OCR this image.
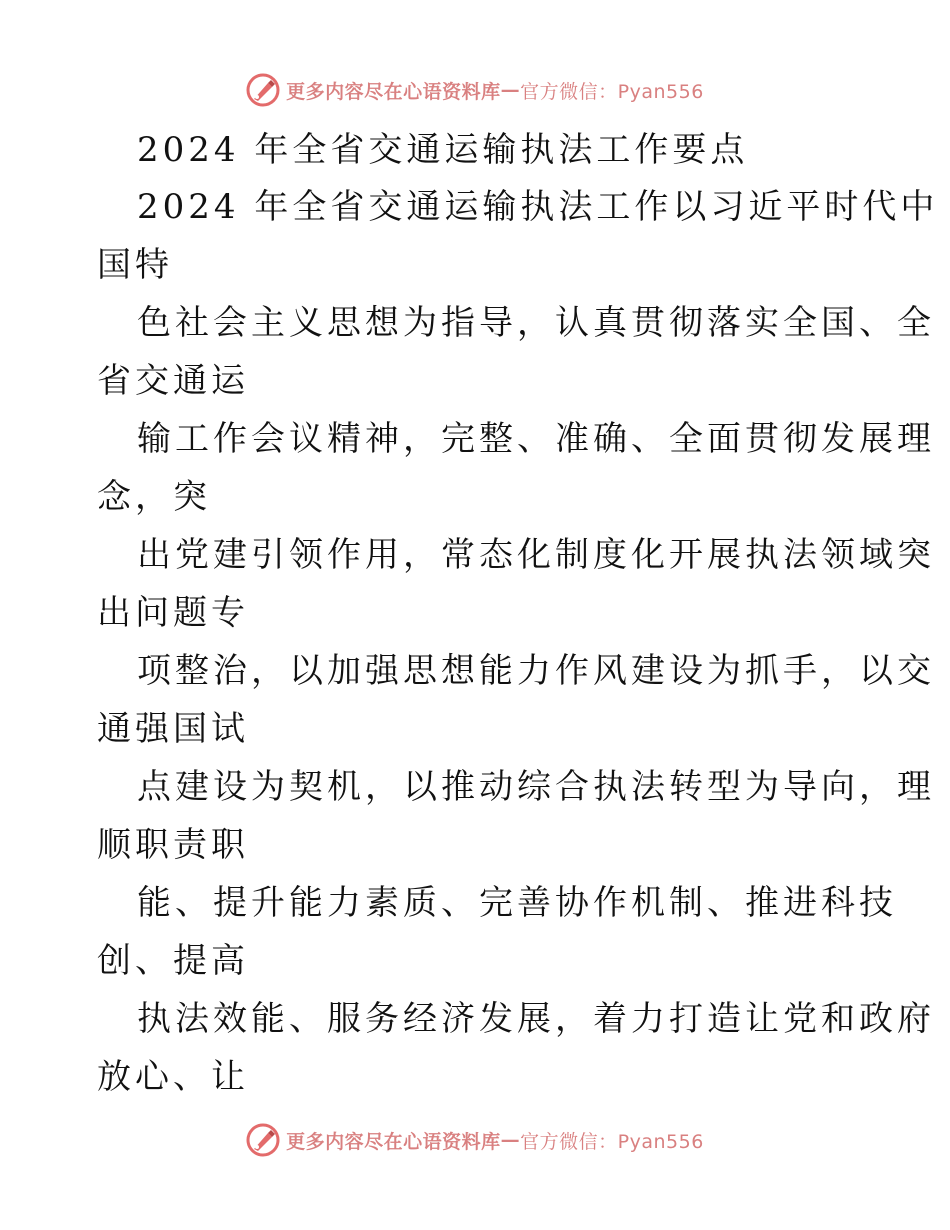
更多内容尽在心语资料库 — 官方微信：Pyan556
2024 年全省交通运输执法工作要点
2024 年全省交通运输执法工作以习近平时代中
国特
色社会主义思想为指导，认真贯彻落实全国、全
省交通运
输工作会议精神，完整、准确、全面贯彻发展理
念，突
出党建引领作用，常态化制度化开展执法领域突
出问题专
项整治，以加强思想能力作风建设为抓手，以交
通强国试
点建设为契机，以推动综合执法转型为导向，理
顺职责职
能、提升能力素质、完善协作机制、推进科技
创、提高
执法效能、服务经济发展，着力打造让党和政府
放心、让
更多内容尽在心语资料库 — 官方微信：Pyan556
